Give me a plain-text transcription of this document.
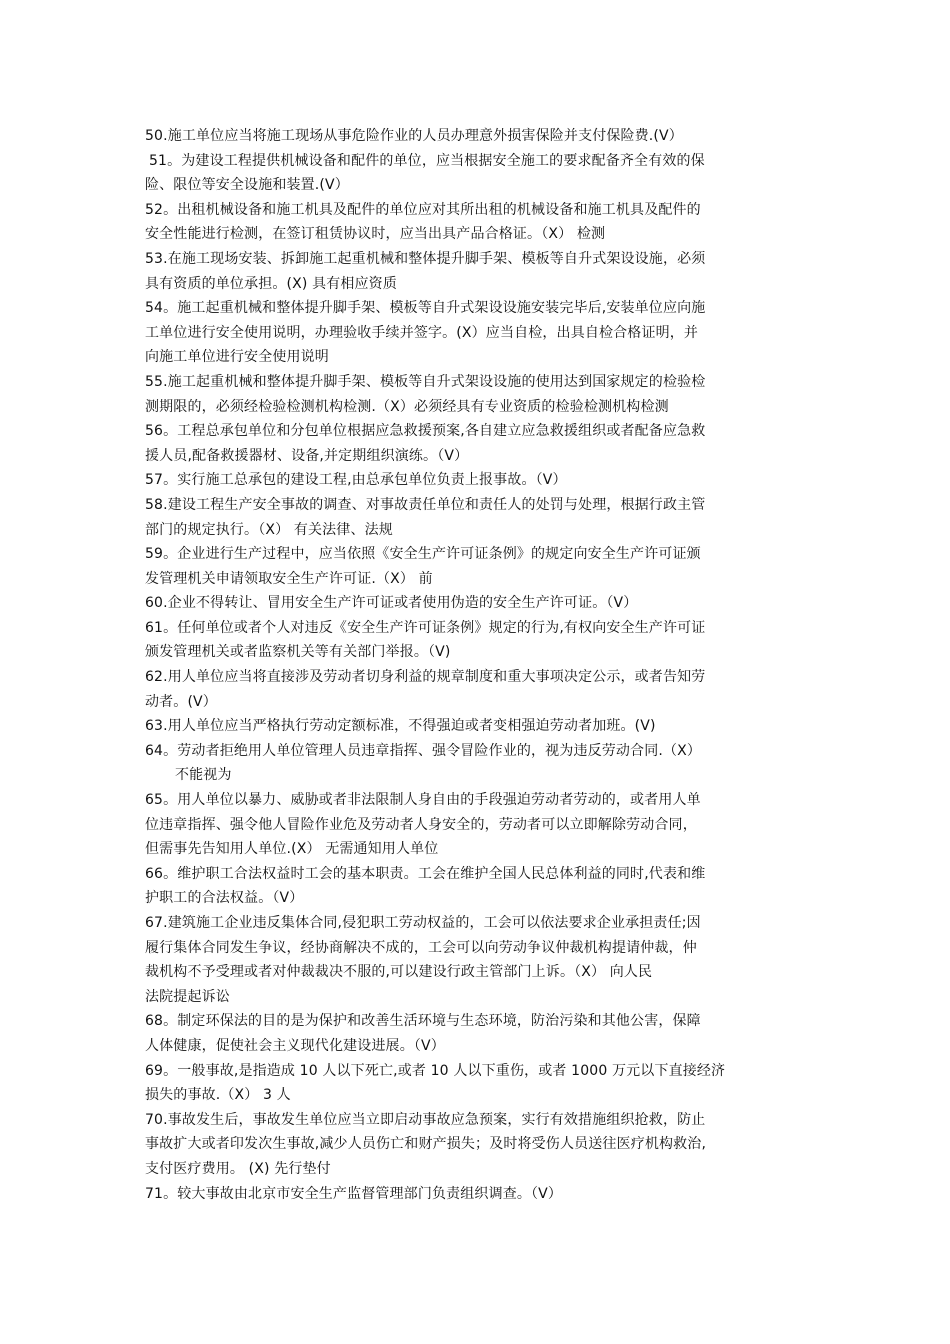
50.施工单位应当将施工现场从事危险作业的人员办理意外损害保险并支付保险费.(V）
51。为建设工程提供机械设备和配件的单位，应当根据安全施工的要求配备齐全有效的保
险、限位等安全设施和装置.(V）
52。出租机械设备和施工机具及配件的单位应对其所出租的机械设备和施工机具及配件的
安全性能进行检测，在签订租赁协议时，应当出具产品合格证。（X） 检测
53.在施工现场安装、拆卸施工起重机械和整体提升脚手架、模板等自升式架设设施，必须
具有资质的单位承担。(X) 具有相应资质
54。施工起重机械和整体提升脚手架、模板等自升式架设设施安装完毕后,安装单位应向施
工单位进行安全使用说明，办理验收手续并签字。(X）应当自检，出具自检合格证明，并
向施工单位进行安全使用说明
55.施工起重机械和整体提升脚手架、模板等自升式架设设施的使用达到国家规定的检验检
测期限的，必须经检验检测机构检测.（X）必须经具有专业资质的检验检测机构检测
56。工程总承包单位和分包单位根据应急救援预案,各自建立应急救援组织或者配备应急救
援人员,配备救援器材、设备,并定期组织演练。（V）
57。实行施工总承包的建设工程,由总承包单位负责上报事故。（V）
58.建设工程生产安全事故的调查、对事故责任单位和责任人的处罚与处理，根据行政主管
部门的规定执行。（X） 有关法律、法规
59。企业进行生产过程中，应当依照《安全生产许可证条例》的规定向安全生产许可证颁
发管理机关申请领取安全生产许可证.（X） 前
60.企业不得转让、冒用安全生产许可证或者使用伪造的安全生产许可证。（V）
61。任何单位或者个人对违反《安全生产许可证条例》规定的行为,有权向安全生产许可证
颁发管理机关或者监察机关等有关部门举报。（V)
62.用人单位应当将直接涉及劳动者切身利益的规章制度和重大事项决定公示，或者告知劳
动者。(V）
63.用人单位应当严格执行劳动定额标准，不得强迫或者变相强迫劳动者加班。(V)
64。劳动者拒绝用人单位管理人员违章指挥、强令冒险作业的，视为违反劳动合同.（X）
不能视为
65。用人单位以暴力、威胁或者非法限制人身自由的手段强迫劳动者劳动的，或者用人单
位违章指挥、强令他人冒险作业危及劳动者人身安全的，劳动者可以立即解除劳动合同，
但需事先告知用人单位.(X） 无需通知用人单位
66。维护职工合法权益时工会的基本职责。工会在维护全国人民总体利益的同时,代表和维
护职工的合法权益。（V）
67.建筑施工企业违反集体合同,侵犯职工劳动权益的，工会可以依法要求企业承担责任;因
履行集体合同发生争议，经协商解决不成的，工会可以向劳动争议仲裁机构提请仲裁，仲
裁机构不予受理或者对仲裁裁决不服的,可以建设行政主管部门上诉。（X） 向人民
法院提起诉讼
68。制定环保法的目的是为保护和改善生活环境与生态环境，防治污染和其他公害，保障
人体健康，促使社会主义现代化建设进展。（V）
69。一般事故,是指造成 10 人以下死亡,或者 10 人以下重伤，或者 1000 万元以下直接经济
损失的事故.（X） 3 人
70.事故发生后，事故发生单位应当立即启动事故应急预案，实行有效措施组织抢救，防止
事故扩大或者印发次生事故,减少人员伤亡和财产损失；及时将受伤人员送往医疗机构救治,
支付医疗费用。 (X) 先行垫付
71。较大事故由北京市安全生产监督管理部门负责组织调查。（V）
